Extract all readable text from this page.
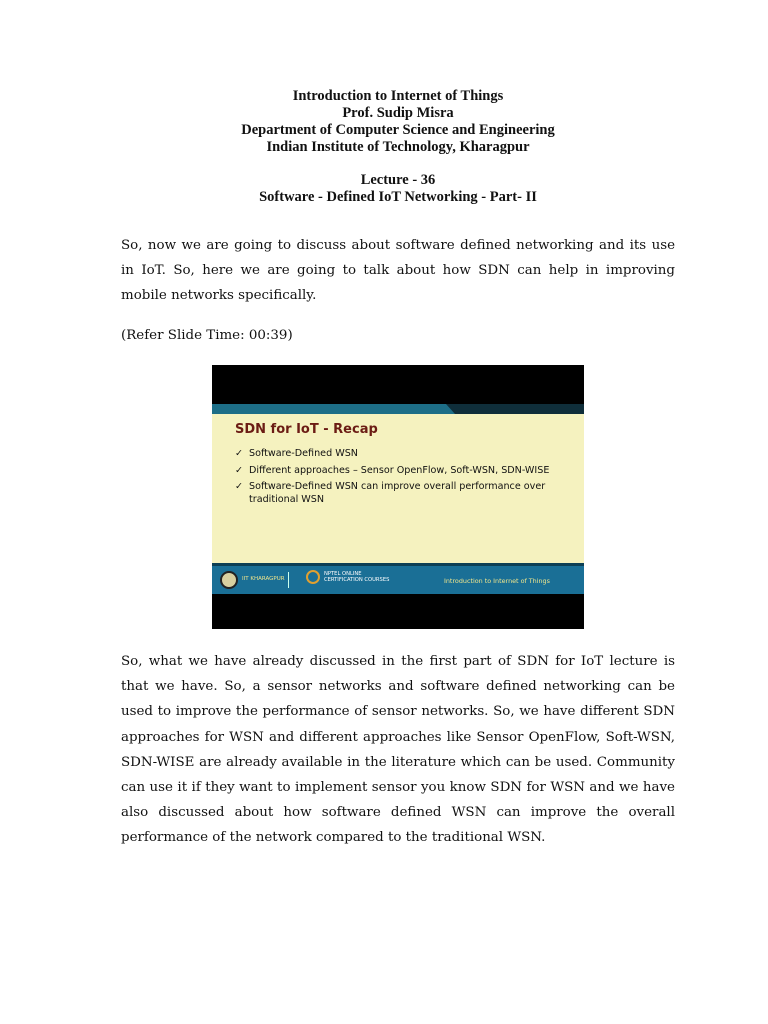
Introduction to Internet of Things
Prof. Sudip Misra
Department of Computer Science and Engineering
Indian Institute of Technology, Kharagpur
Lecture - 36
Software - Defined IoT Networking - Part- II

So, now we are going to discuss about software defined networking and its use in IoT. So, here we are going to talk about how SDN can help in improving mobile networks specifically.

(Refer Slide Time: 00:39)

SDN for IoT - Recap
✓ Software-Defined WSN
✓ Different approaches – Sensor OpenFlow, Soft-WSN, SDN-WISE
✓ Software-Defined WSN can improve overall performance over traditional WSN
IIT KHARAGPUR
NPTEL ONLINE
CERTIFICATION COURSES	Introduction to Internet of Things

So, what we have already discussed in the first part of SDN for IoT lecture is that we have. So, a sensor networks and software defined networking can be used to improve the performance of sensor networks. So, we have different SDN approaches for WSN and different approaches like Sensor OpenFlow, Soft-WSN, SDN-WISE are already available in the literature which can be used. Community can use it if they want to implement sensor you know SDN for WSN and we have also discussed about how software defined WSN can improve the overall performance of the network compared to the traditional WSN.
